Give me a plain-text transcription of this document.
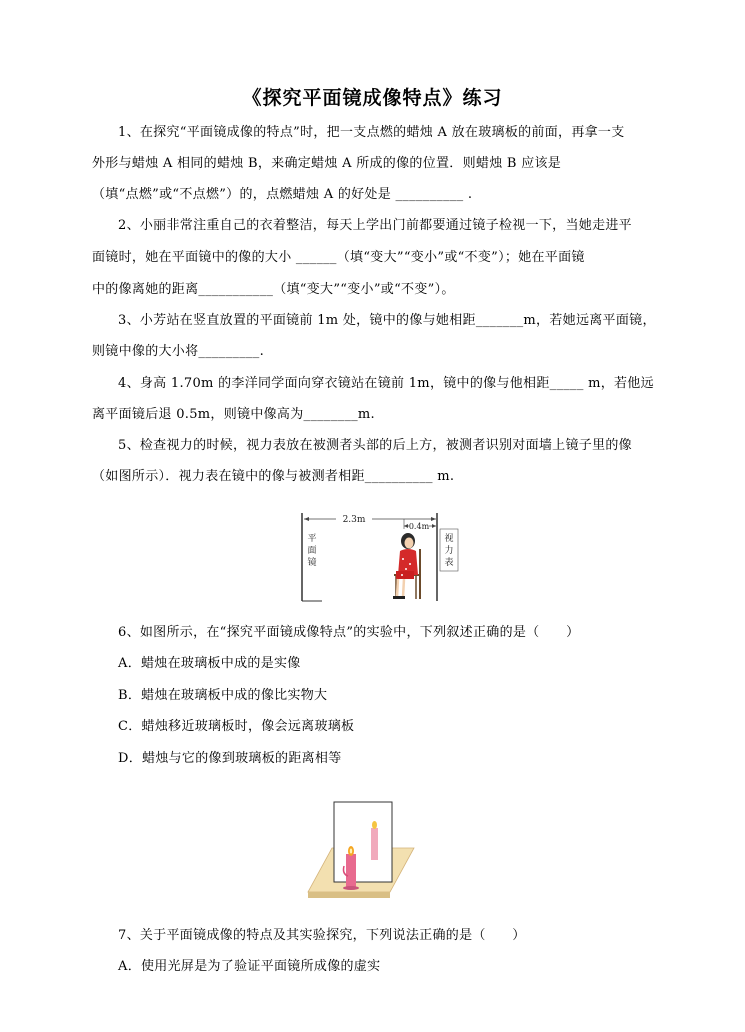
《探究平面镜成像特点》练习
1、在探究“平面镜成像的特点”时，把一支点燃的蜡烛 A 放在玻璃板的前面，再拿一支
外形与蜡烛 A 相同的蜡烛 B，来确定蜡烛 A 所成的像的位置．则蜡烛 B 应该是
（填“点燃”或“不点燃”）的，点燃蜡烛 A 的好处是 __________ .
2、小丽非常注重自己的衣着整洁，每天上学出门前都要通过镜子检视一下，当她走进平
面镜时，她在平面镜中的像的大小 ______（填“变大”“变小”或“不变”）；她在平面镜
中的像离她的距离___________（填“变大”“变小”或“不变”）。
3、小芳站在竖直放置的平面镜前 1m 处，镜中的像与她相距_______m，若她远离平面镜，
则镜中像的大小将_________.
4、身高 1.70m 的李洋同学面向穿衣镜站在镜前 1m，镜中的像与他相距_____ m，若他远
离平面镜后退 0.5m，则镜中像高为________m.
5、检查视力的时候，视力表放在被测者头部的后上方，被测者识别对面墙上镜子里的像
（如图所示）．视力表在镜中的像与被测者相距__________ m.
2.3m
0.4m
平
面
镜
视
力
表
6、如图所示，在“探究平面镜成像特点”的实验中，下列叙述正确的是（　　）
A．蜡烛在玻璃板中成的是实像
B．蜡烛在玻璃板中成的像比实物大
C．蜡烛移近玻璃板时，像会远离玻璃板
D．蜡烛与它的像到玻璃板的距离相等
7、关于平面镜成像的特点及其实验探究，下列说法正确的是（　　）
A．使用光屏是为了验证平面镜所成像的虚实
